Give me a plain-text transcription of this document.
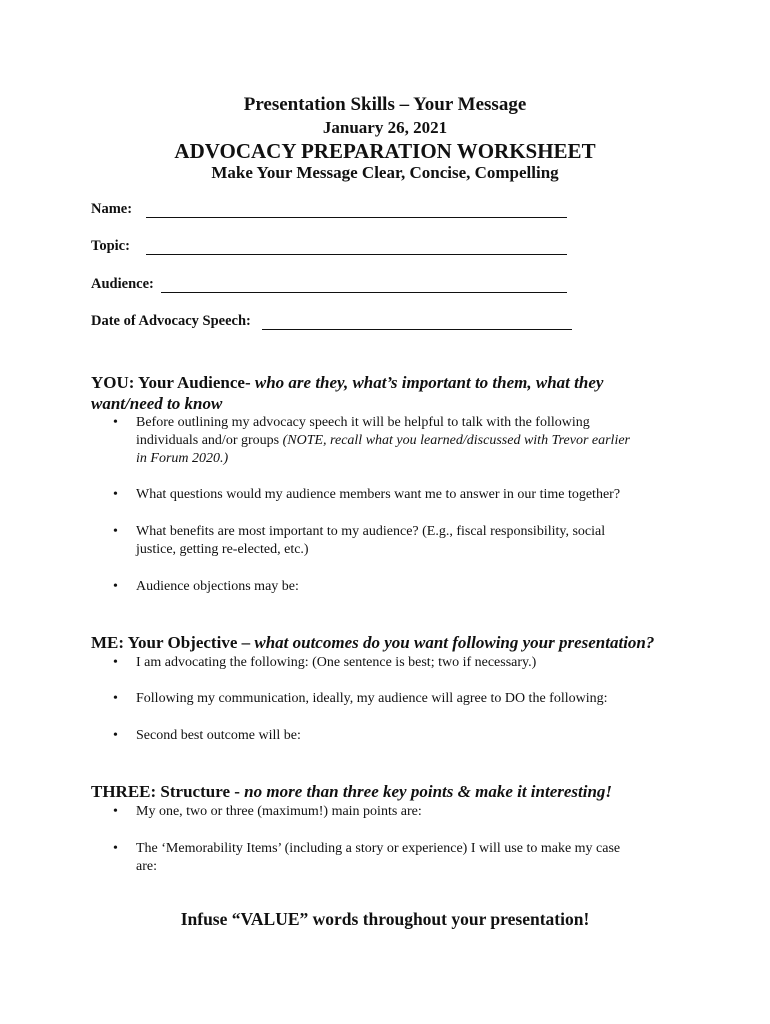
Presentation Skills – Your Message
January 26, 2021
ADVOCACY PREPARATION WORKSHEET
Make Your Message Clear, Concise, Compelling
Name:
Topic:
Audience:
Date of Advocacy Speech:
YOU: Your Audience- who are they, what’s important to them, what they
want/need to know
• Before outlining my advocacy speech it will be helpful to talk with the following
individuals and/or groups (NOTE, recall what you learned/discussed with Trevor earlier
in Forum 2020.)
• What questions would my audience members want me to answer in our time together?
• What benefits are most important to my audience? (E.g., fiscal responsibility, social
justice, getting re-elected, etc.)
• Audience objections may be:
ME: Your Objective – what outcomes do you want following your presentation?
• I am advocating the following: (One sentence is best; two if necessary.)
• Following my communication, ideally, my audience will agree to DO the following:
• Second best outcome will be:
THREE: Structure - no more than three key points & make it interesting!
• My one, two or three (maximum!) main points are:
• The ‘Memorability Items’ (including a story or experience) I will use to make my case
are:
Infuse “VALUE” words throughout your presentation!
